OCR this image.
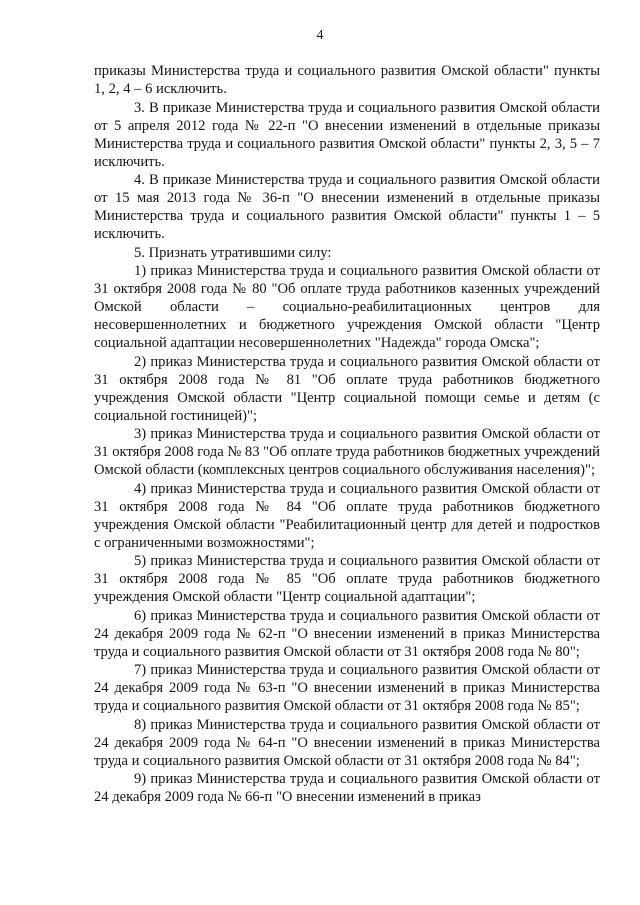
4

приказы Министерства труда и социального развития Омской области" пункты 1, 2, 4 – 6 исключить.

3. В приказе Министерства труда и социального развития Омской области от 5 апреля 2012 года № 22-п "О внесении изменений в отдельные приказы Министерства труда и социального развития Омской области" пункты 2, 3, 5 – 7 исключить.

4. В приказе Министерства труда и социального развития Омской области от 15 мая 2013 года № 36-п "О внесении изменений в отдельные приказы Министерства труда и социального развития Омской области" пункты 1 – 5 исключить.

5. Признать утратившими силу:

1) приказ Министерства труда и социального развития Омской области от 31 октября 2008 года № 80 "Об оплате труда работников казенных учреждений Омской области – социально-реабилитационных центров для несовершеннолетних и бюджетного учреждения Омской области "Центр социальной адаптации несовершеннолетних "Надежда" города Омска";

2) приказ Министерства труда и социального развития Омской области от 31 октября 2008 года № 81 "Об оплате труда работников бюджетного учреждения Омской области "Центр социальной помощи семье и детям (с социальной гостиницей)";

3) приказ Министерства труда и социального развития Омской области от 31 октября 2008 года № 83 "Об оплате труда работников бюджетных учреждений Омской области (комплексных центров социального обслуживания населения)";

4) приказ Министерства труда и социального развития Омской области от 31 октября 2008 года № 84 "Об оплате труда работников бюджетного учреждения Омской области "Реабилитационный центр для детей и подростков с ограниченными возможностями";

5) приказ Министерства труда и социального развития Омской области от 31 октября 2008 года № 85 "Об оплате труда работников бюджетного учреждения Омской области "Центр социальной адаптации";

6) приказ Министерства труда и социального развития Омской области от 24 декабря 2009 года № 62-п "О внесении изменений в приказ Министерства труда и социального развития Омской области от 31 октября 2008 года № 80";

7) приказ Министерства труда и социального развития Омской области от 24 декабря 2009 года № 63-п "О внесении изменений в приказ Министерства труда и социального развития Омской области от 31 октября 2008 года № 85";

8) приказ Министерства труда и социального развития Омской области от 24 декабря 2009 года № 64-п "О внесении изменений в приказ Министерства труда и социального развития Омской области от 31 октября 2008 года № 84";

9) приказ Министерства труда и социального развития Омской области от 24 декабря 2009 года № 66-п "О внесении изменений в приказ
